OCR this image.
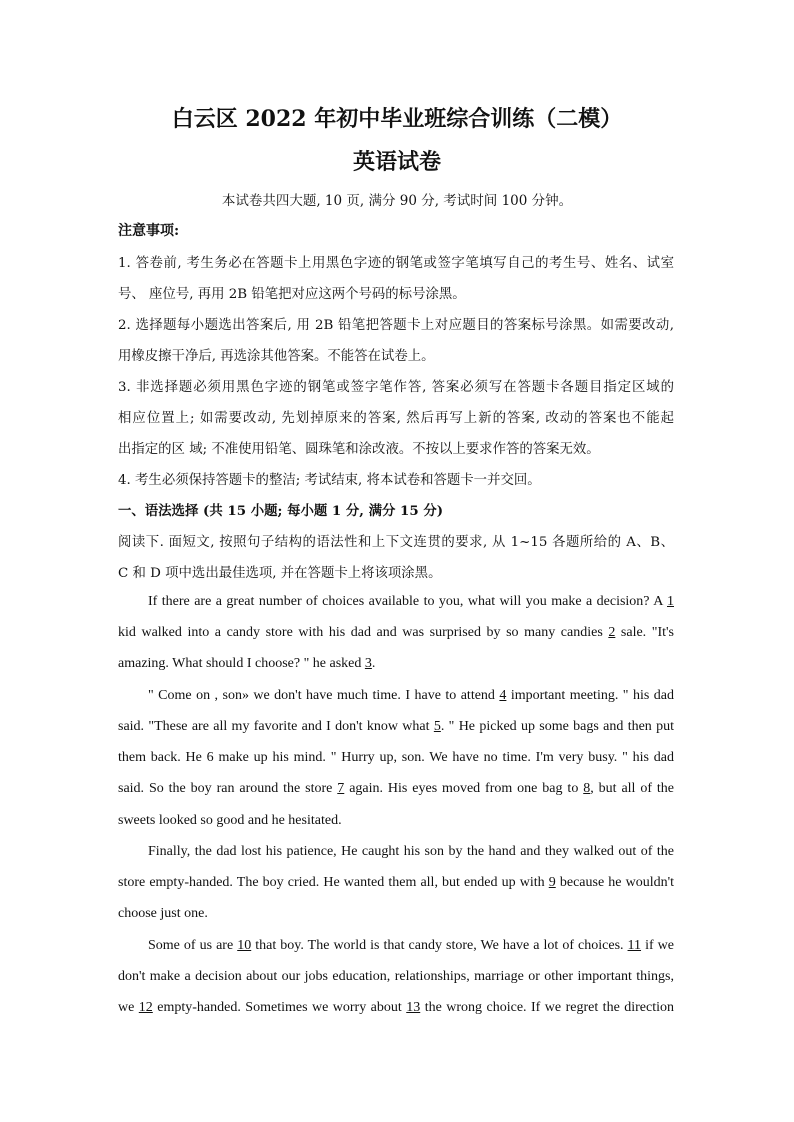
白云区 2022 年初中毕业班综合训练（二模）
英语试卷
本试卷共四大题, 10 页, 满分 90 分, 考试时间 100 分钟。
注意事项:
1. 答卷前, 考生务必在答题卡上用黑色字迹的钢笔或签字笔填写自己的考生号、姓名、试室
号、 座位号, 再用 2B 铅笔把对应这两个号码的标号涂黑。
2. 选择题每小题选出答案后, 用 2B 铅笔把答题卡上对应题目的答案标号涂黑。如需要改动,
用橡皮擦干净后, 再选涂其他答案。不能答在试卷上。
3. 非选择题必须用黑色字迹的钢笔或签字笔作答, 答案必须写在答题卡各题目指定区域的
相应位置上; 如需要改动, 先划掉原来的答案, 然后再写上新的答案, 改动的答案也不能起
出指定的区 域; 不准使用铅笔、圆珠笔和涂改液。不按以上要求作答的答案无效。
4. 考生必须保持答题卡的整洁; 考试结束, 将本试卷和答题卡一并交回。
一、语法选择 (共 15 小题; 每小题 1 分, 满分 15 分)
阅读下. 面短文, 按照句子结构的语法性和上下文连贯的要求, 从 1~15 各题所给的 A、B、
C 和 D 项中选出最佳选项, 并在答题卡上将该项涂黑。
If there are a great number of choices available to you, what will you make a decision? A 1
kid walked into a candy store with his dad and was surprised by so many candies 2 sale. "It's
amazing. What should I choose? " he asked 3.
" Come on , son» we don't have much time. I have to attend 4 important meeting. " his dad
said. "These are all my favorite and I don't know what 5. " He picked up some bags and then put
them back. He 6 make up his mind. " Hurry up, son. We have no time. I'm very busy. " his dad
said. So the boy ran around the store 7 again. His eyes moved from one bag to 8, but all of the
sweets looked so good and he hesitated.
Finally, the dad lost his patience, He caught his son by the hand and they walked out of the
store empty-handed. The boy cried. He wanted them all, but ended up with 9 because he wouldn't
choose just one.
Some of us are 10 that boy. The world is that candy store, We have a lot of choices. 11 if we
don't make a decision about our jobs education, relationships, marriage or other important things,
we 12 empty-handed. Sometimes we worry about 13 the wrong choice. If we regret the direction
